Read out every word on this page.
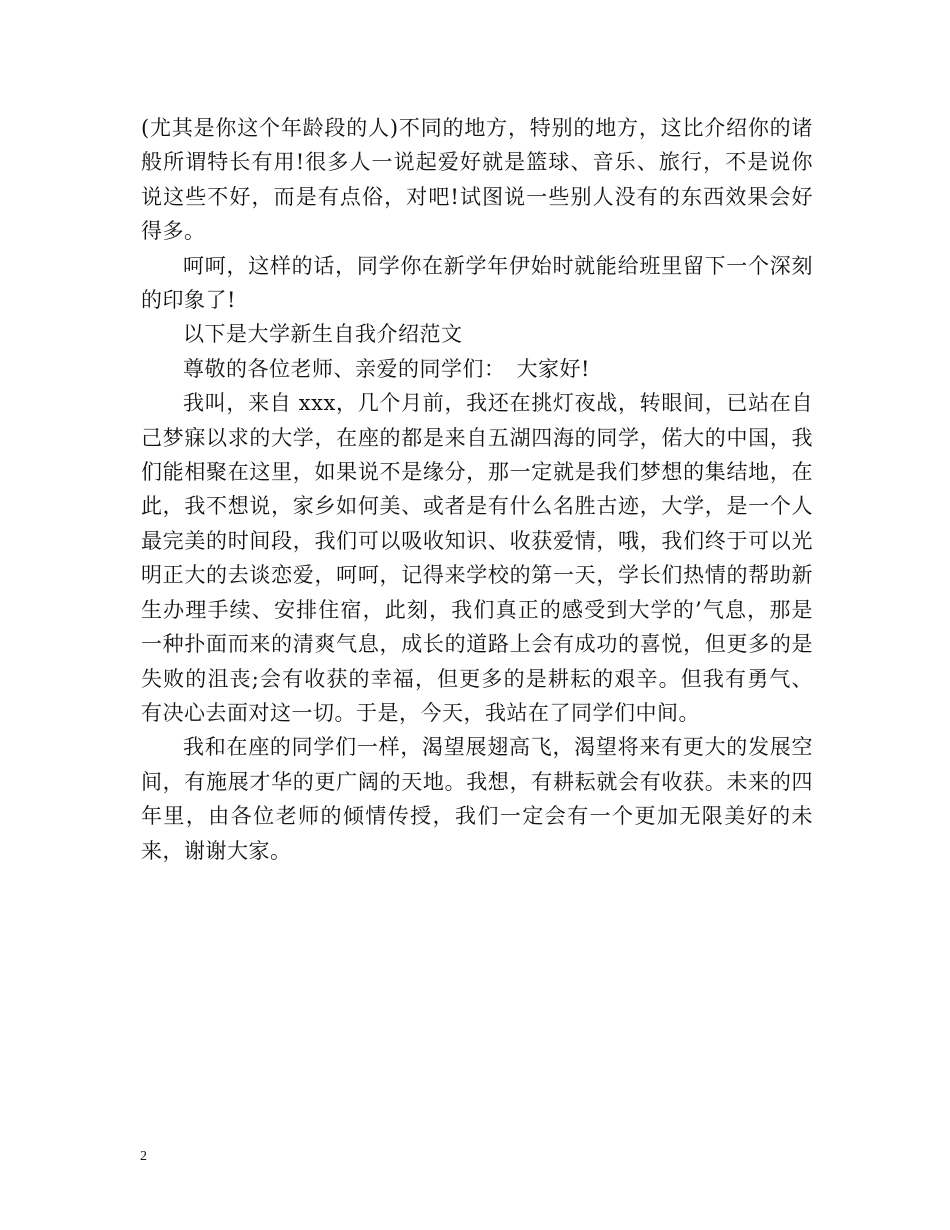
(尤其是你这个年龄段的人)不同的地方，特别的地方，这比介绍你的诸般所谓特长有用!很多人一说起爱好就是篮球、音乐、旅行，不是说你说这些不好，而是有点俗，对吧!试图说一些别人没有的东西效果会好得多。

呵呵，这样的话，同学你在新学年伊始时就能给班里留下一个深刻的印象了!

以下是大学新生自我介绍范文

尊敬的各位老师、亲爱的同学们：　大家好!

我叫，来自 xxx，几个月前，我还在挑灯夜战，转眼间，已站在自己梦寐以求的大学，在座的都是来自五湖四海的同学，偌大的中国，我们能相聚在这里，如果说不是缘分，那一定就是我们梦想的集结地，在此，我不想说，家乡如何美、或者是有什么名胜古迹，大学，是一个人最完美的时间段，我们可以吸收知识、收获爱情，哦，我们终于可以光明正大的去谈恋爱，呵呵，记得来学校的第一天，学长们热情的帮助新生办理手续、安排住宿，此刻，我们真正的感受到大学的’气息，那是一种扑面而来的清爽气息，成长的道路上会有成功的喜悦，但更多的是失败的沮丧;会有收获的幸福，但更多的是耕耘的艰辛。但我有勇气、有决心去面对这一切。于是，今天，我站在了同学们中间。

我和在座的同学们一样，渴望展翅高飞，渴望将来有更大的发展空间，有施展才华的更广阔的天地。我想，有耕耘就会有收获。未来的四年里，由各位老师的倾情传授，我们一定会有一个更加无限美好的未来，谢谢大家。

2
